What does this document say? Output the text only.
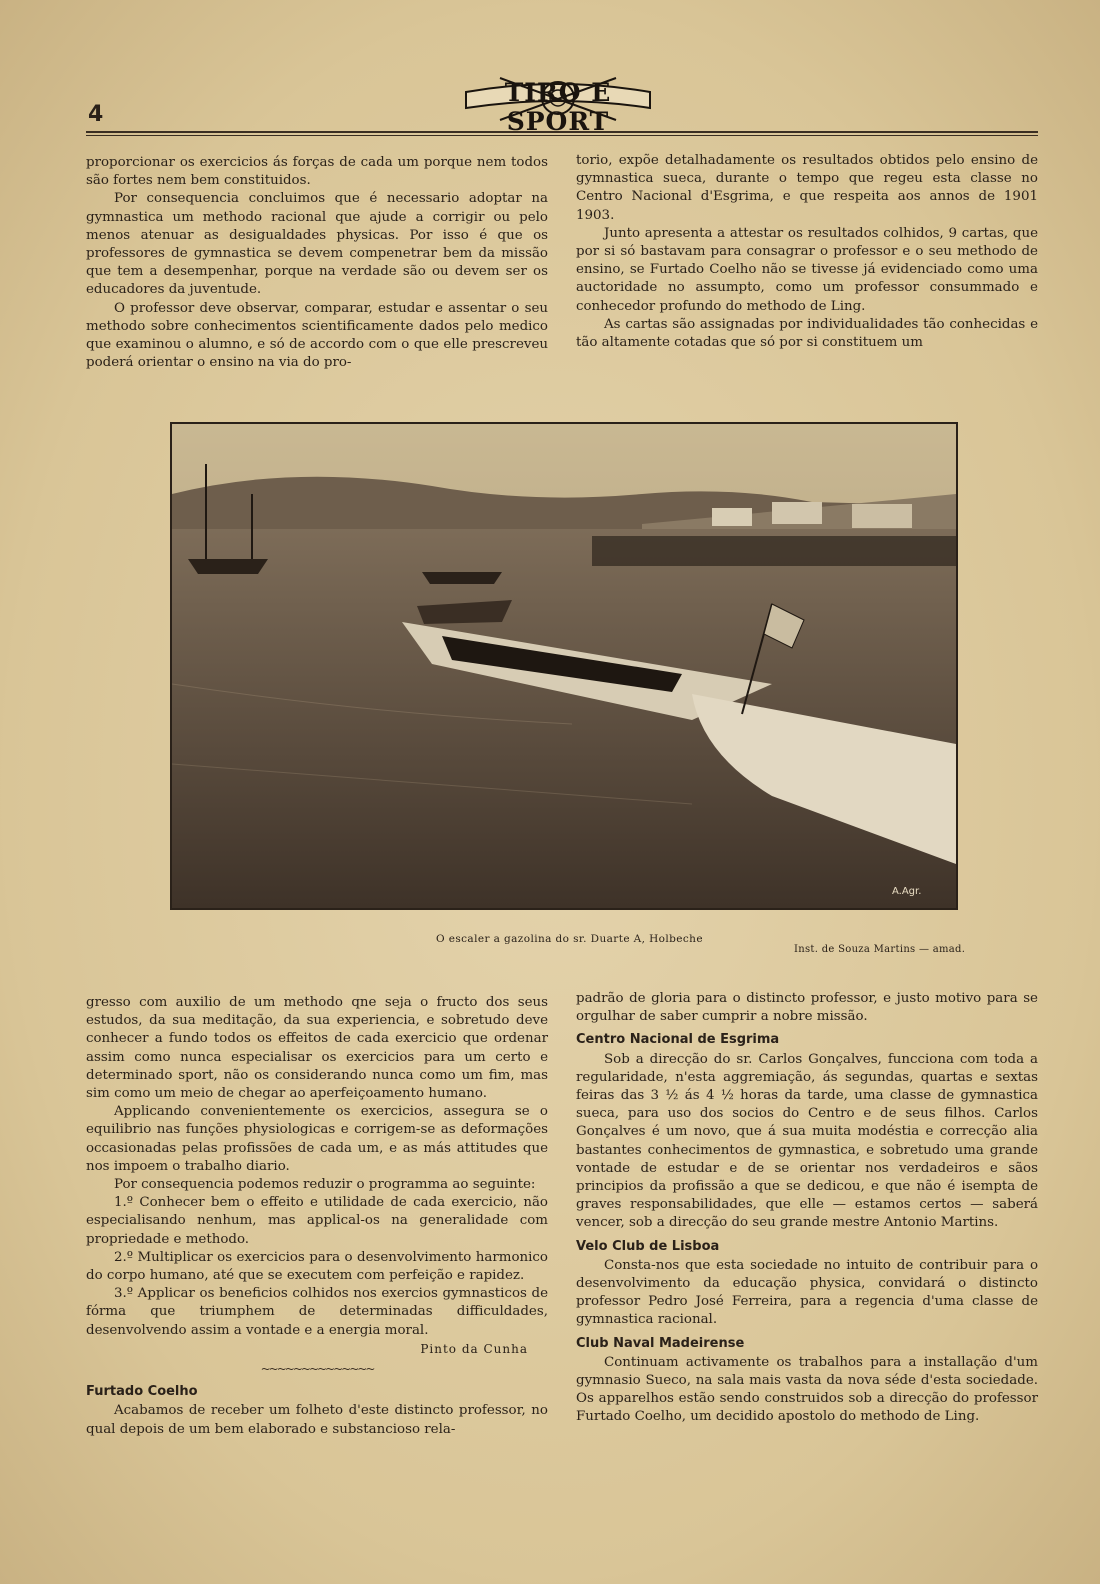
4
TIRO E SPORT

proporcionar os exercicios ás forças de cada um porque nem todos são fortes nem bem constituidos.

Por consequencia concluimos que é necessario adoptar na gymnastica um methodo racional que ajude a corrigir ou pelo menos atenuar as desigualdades physicas. Por isso é que os professores de gymnastica se devem compenetrar bem da missão que tem a desempenhar, porque na verdade são ou devem ser os educadores da juventude.

O professor deve observar, comparar, estudar e assentar o seu methodo sobre conhecimentos scientificamente dados pelo medico que examinou o alumno, e só de accordo com o que elle prescreveu poderá orientar o ensino na via do pro-

torio, expõe detalhadamente os resultados obtidos pelo ensino de gymnastica sueca, durante o tempo que regeu esta classe no Centro Nacional d'Esgrima, e que respeita aos annos de 1901 1903.

Junto apresenta a attestar os resultados colhidos, 9 cartas, que por si só bastavam para consagrar o professor e o seu methodo de ensino, se Furtado Coelho não se tivesse já evidenciado como uma auctoridade no assumpto, como um professor consummado e conhecedor profundo do methodo de Ling.

As cartas são assignadas por individualidades tão conhecidas e tão altamente cotadas que só por si constituem um

A.Agr.
O escaler a gazolina do sr. Duarte A, Holbeche
Inst. de Souza Martins — amad.

gresso com auxilio de um methodo qne seja o fructo dos seus estudos, da sua meditação, da sua experiencia, e sobretudo deve conhecer a fundo todos os effeitos de cada exercicio que ordenar assim como nunca especialisar os exercicios para um certo e determinado sport, não os considerando nunca como um fim, mas sim como um meio de chegar ao aperfeiçoamento humano.

Applicando convenientemente os exercicios, assegura se o equilibrio nas funções physiologicas e corrigem-se as deformações occasionadas pelas profissões de cada um, e as más attitudes que nos impoem o trabalho diario.

Por consequencia podemos reduzir o programma ao seguinte:

1.º Conhecer bem o effeito e utilidade de cada exercicio, não especialisando nenhum, mas applical-os na generalidade com propriedade e methodo.

2.º Multiplicar os exercicios para o desenvolvimento harmonico do corpo humano, até que se executem com perfeição e rapidez.

3.º Applicar os beneficios colhidos nos exercios gymnasticos de fórma que triumphem de determinadas difficuldades, desenvolvendo assim a vontade e a energia moral.

Pinto da Cunha
~~~~~~~~~~~~~~
Furtado Coelho

Acabamos de receber um folheto d'este distincto professor, no qual depois de um bem elaborado e substancioso rela-

padrão de gloria para o distincto professor, e justo motivo para se orgulhar de saber cumprir a nobre missão.

Centro Nacional de Esgrima

Sob a direcção do sr. Carlos Gonçalves, funcciona com toda a regularidade, n'esta aggremiação, ás segundas, quartas e sextas feiras das 3 ½ ás 4 ½ horas da tarde, uma classe de gymnastica sueca, para uso dos socios do Centro e de seus filhos. Carlos Gonçalves é um novo, que á sua muita modéstia e correcção alia bastantes conhecimentos de gymnastica, e sobretudo uma grande vontade de estudar e de se orientar nos verdadeiros e sãos principios da profissão a que se dedicou, e que não é isempta de graves responsabilidades, que elle — estamos certos — saberá vencer, sob a direcção do seu grande mestre Antonio Martins.

Velo Club de Lisboa

Consta-nos que esta sociedade no intuito de contribuir para o desenvolvimento da educação physica, convidará o distincto professor Pedro José Ferreira, para a regencia d'uma classe de gymnastica racional.

Club Naval Madeirense

Continuam activamente os trabalhos para a installação d'um gymnasio Sueco, na sala mais vasta da nova séde d'esta sociedade. Os apparelhos estão sendo construidos sob a direcção do professor Furtado Coelho, um decidido apostolo do methodo de Ling.
